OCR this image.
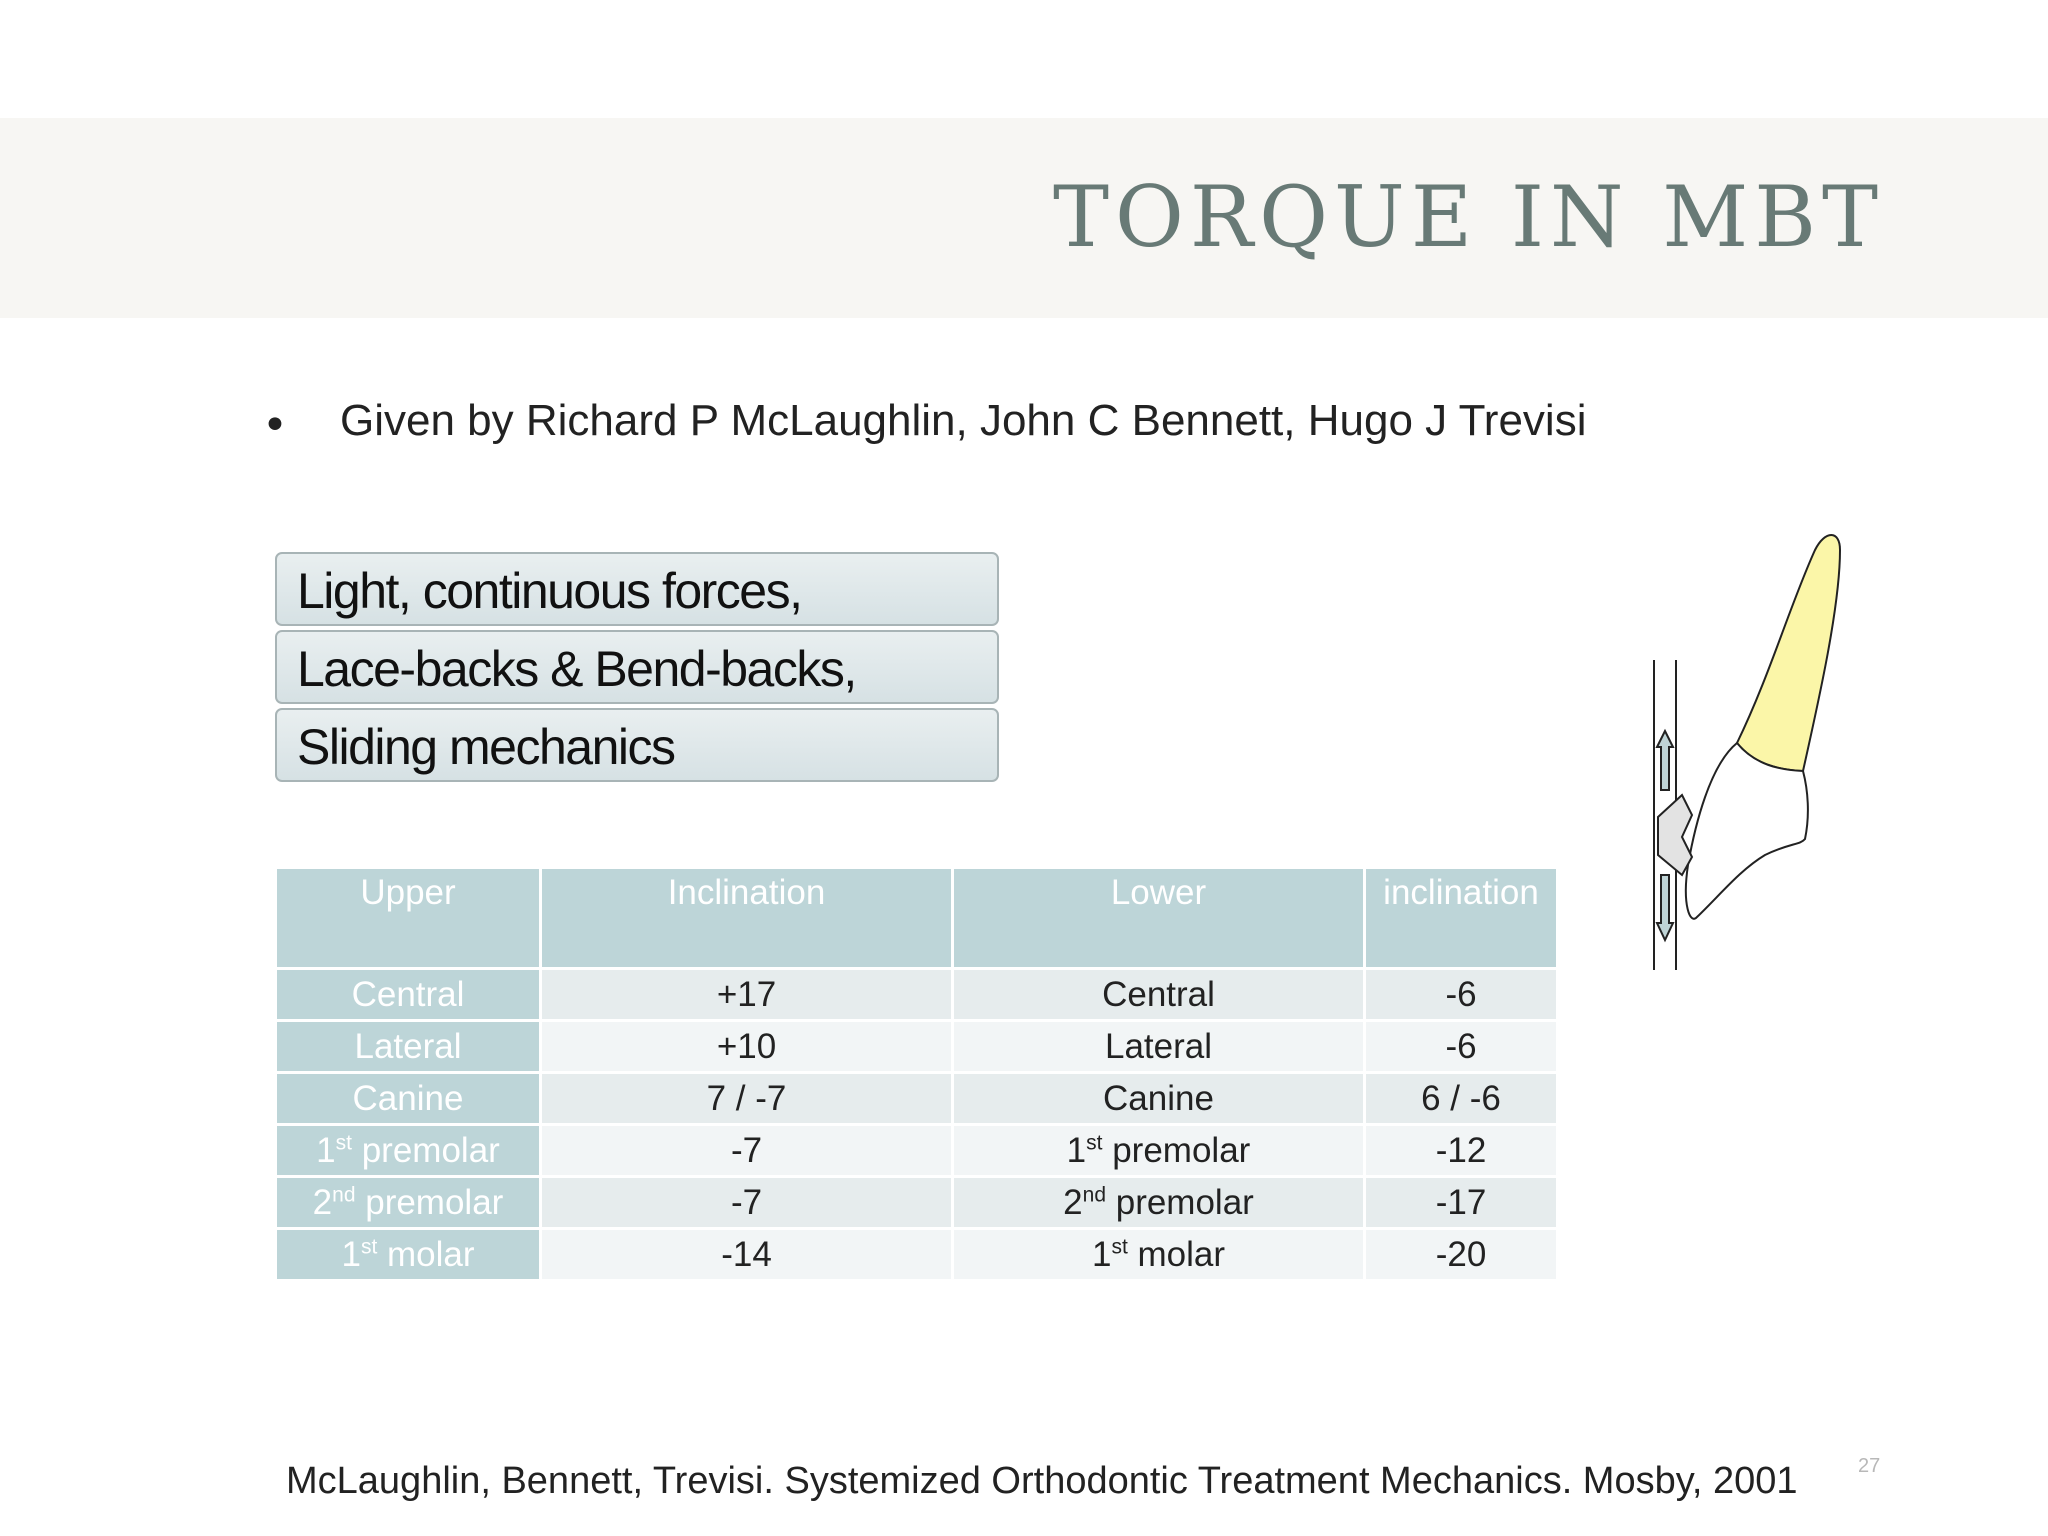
TORQUE IN MBT
• Given by Richard P McLaughlin, John C Bennett, Hugo J Trevisi
Light, continuous forces,
Lace-backs & Bend-backs,
Sliding mechanics
Upper	Inclination	Lower	inclination
Central	+17	Central	-6
Lateral	+10	Lateral	-6
Canine	7 / -7	Canine	6 / -6
1st premolar	-7	1st premolar	-12
2nd premolar	-7	2nd premolar	-17
1st molar	-14	1st molar	-20
McLaughlin, Bennett, Trevisi. Systemized Orthodontic Treatment Mechanics. Mosby, 2001	27
